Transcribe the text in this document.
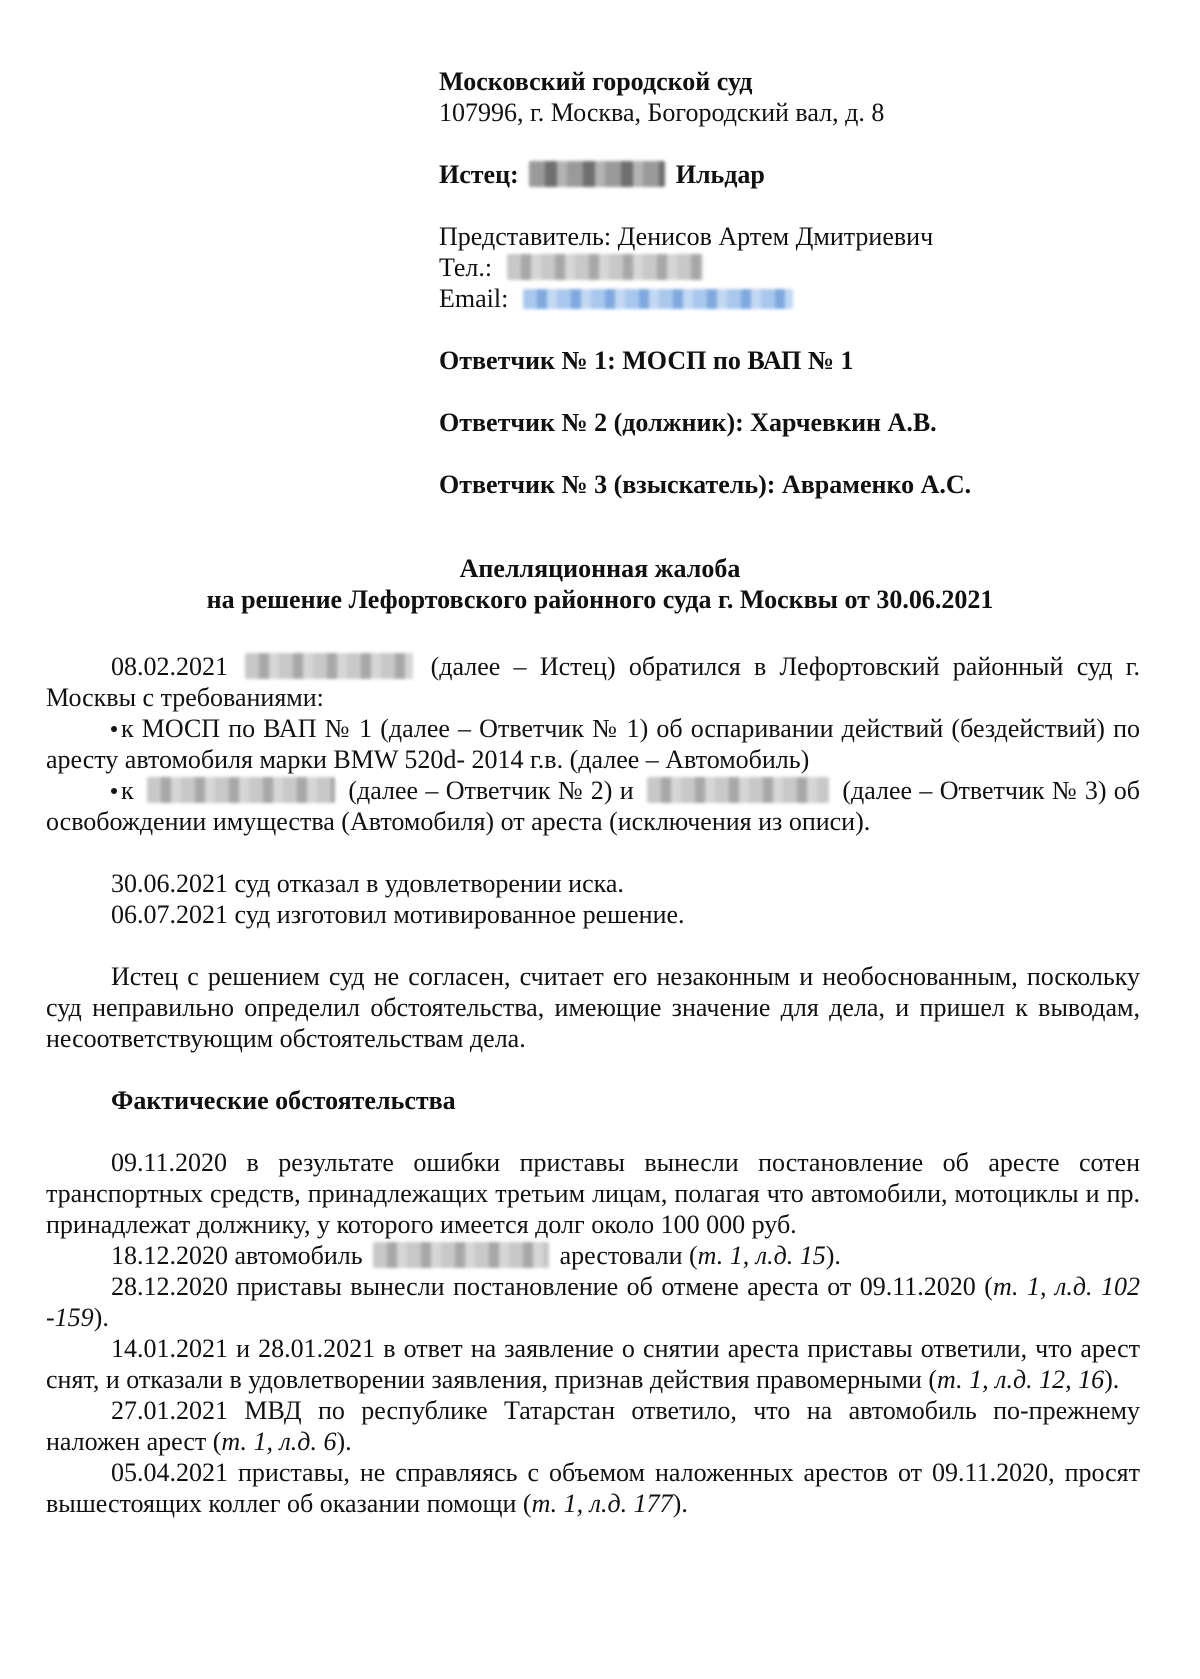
Московский городской суд
107996, г. Москва, Богородский вал, д. 8
Истец:	Ильдар
Представитель: Денисов Артем Дмитриевич
Тел.:
Email:
Ответчик № 1: МОСП по ВАП № 1
Ответчик № 2 (должник): Харчевкин А.В.
Ответчик № 3 (взыскатель): Авраменко А.С.
Апелляционная жалоба
на решение Лефортовского районного суда г. Москвы от 30.06.2021

08.02.2021	(далее – Истец) обратился в Лефортовский районный суд г. Москвы с требованиями:

к МОСП по ВАП № 1 (далее – Ответчик № 1) об оспаривании действий (бездействий) по аресту автомобиля марки BMW 520d- 2014 г.в. (далее – Автомобиль)

к	(далее – Ответчик № 2) и	(далее – Ответчик № 3) об освобождении имущества (Автомобиля) от ареста (исключения из описи).

30.06.2021 суд отказал в удовлетворении иска.

06.07.2021 суд изготовил мотивированное решение.

Истец с решением суд не согласен, считает его незаконным и необоснованным, поскольку суд неправильно определил обстоятельства, имеющие значение для дела, и пришел к выводам, несоответствующим обстоятельствам дела.

Фактические обстоятельства

09.11.2020 в результате ошибки приставы вынесли постановление об аресте сотен транспортных средств, принадлежащих третьим лицам, полагая что автомобили, мотоциклы и пр. принадлежат должнику, у которого имеется долг около 100 000 руб.

18.12.2020 автомобиль	арестовали (т. 1, л.д. 15).

28.12.2020 приставы вынесли постановление об отмене ареста от 09.11.2020 (т. 1, л.д. 102 -159).

14.01.2021 и 28.01.2021 в ответ на заявление о снятии ареста приставы ответили, что арест снят, и отказали в удовлетворении заявления, признав действия правомерными (т. 1, л.д. 12, 16).

27.01.2021 МВД по республике Татарстан ответило, что на автомобиль по-прежнему наложен арест (т. 1, л.д. 6).

05.04.2021 приставы, не справляясь с объемом наложенных арестов от 09.11.2020, просят вышестоящих коллег об оказании помощи (т. 1, л.д. 177).
